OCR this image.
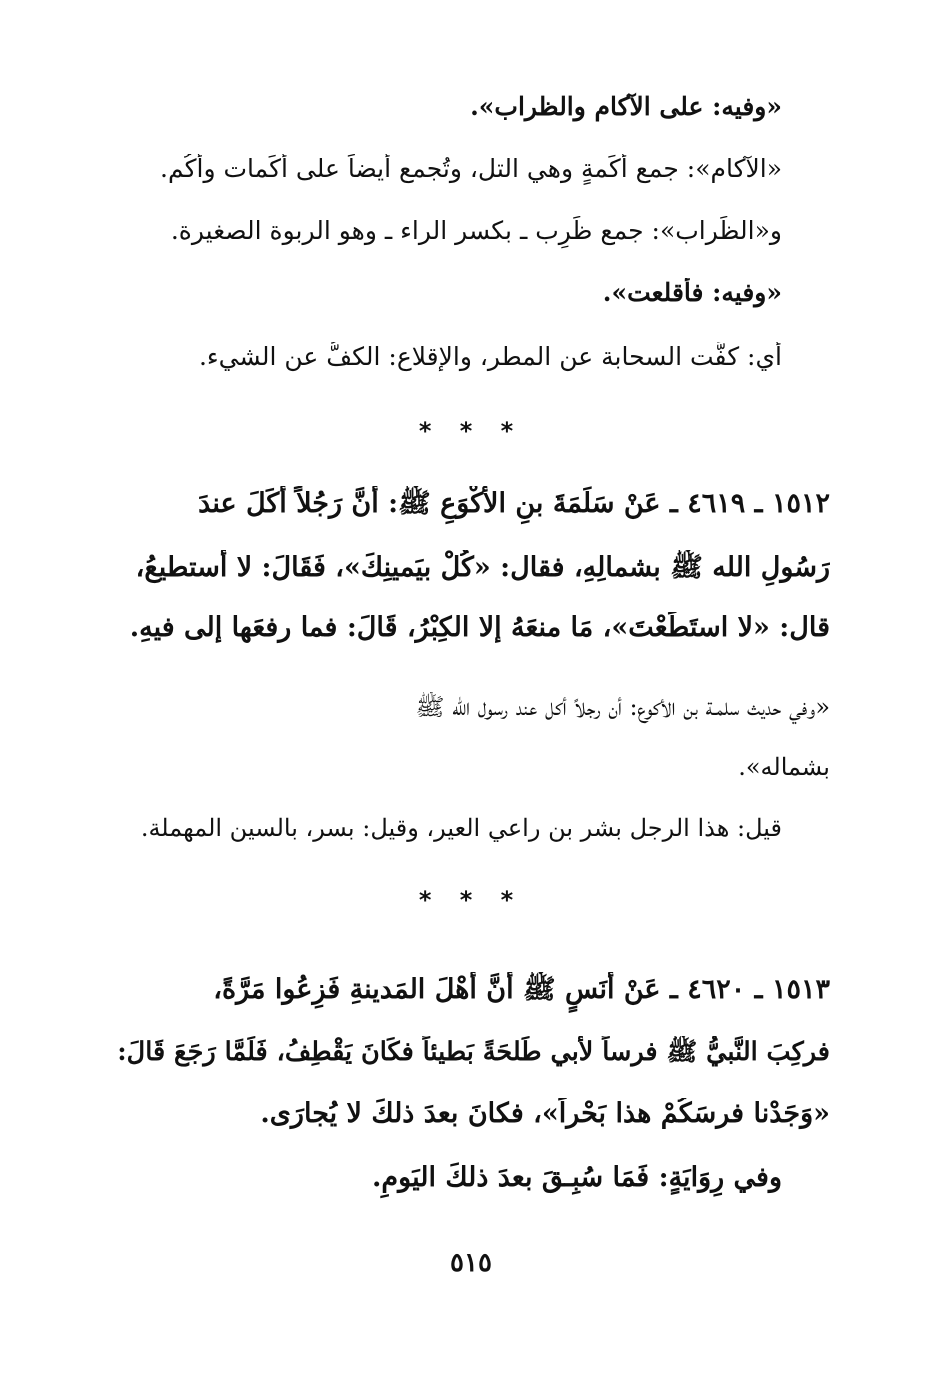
«وفيه: على الآكام والظراب».
«الآكام»: جمع أَكَمةٍ وهي التل، وتُجمع أيضاً على أَكَمات وأُكُم.
و«الظِّراب»: جمع ظَرِب ـ بكسر الراء ـ وهو الربوة الصغيرة.
«وفيه: فأقلعت».
أي: كفَّت السحابة عن المطر، والإقلاع: الكفُّ عن الشيء.
* * *
١٥١٢ ـ ٤٦١٩ ـ عَنْ سَلَمَةَ بنِ الأَكْوَعِ ﷺ: أَنَّ رَجُلاً أَكَلَ عندَ
رَسُولِ الله ﷺ بشمالِهِ، فقال: «كُلْ بيَمينِكَ»، فَقَالَ: لا أستطيعُ،
قال: «لا استَطَعْتَ»، مَا منعَهُ إلا الكِبْرُ، قَالَ: فما رفعَها إلى فيهِ.
«وفي حديث سلمـة بن الأكوع: أن رجلاً أكل عند رسول الله ﷺ
بشماله».
قيل: هذا الرجل بشر بن راعي العير، وقيل: بسر، بالسين المهملة.
* * *
١٥١٣ ـ ٤٦٢٠ ـ عَنْ أَنَسٍ ﷺ أَنَّ أَهْلَ المَدينةِ فَزِعُوا مَرَّةً،
فركِبَ النَّبيُّ ﷺ فرساً لأبي طَلحَةً بَطيئاً فكَانَ يَقْطِفُ، فَلَمَّا رَجَعَ قَالَ:
«وَجَدْنا فرسَكُمْ هذا بَحْراً»، فكانَ بعدَ ذلكَ لا يُجارَى.
وفي رِوَايَةٍ: فَمَا سُبِـقَ بعدَ ذلكَ اليَومِ.
٥١٥
